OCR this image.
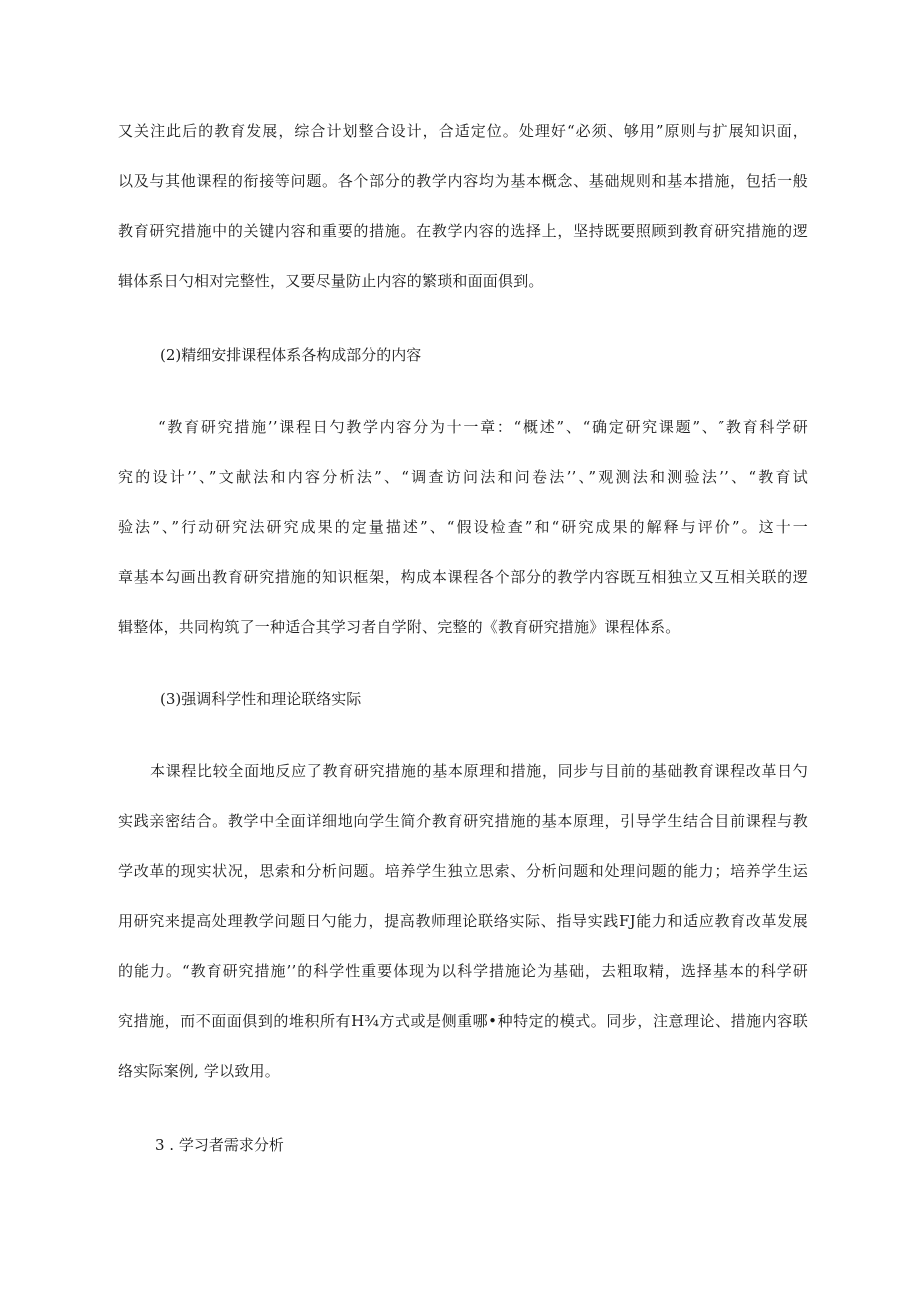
又关注此后的教育发展，综合计划整合设计，合适定位。处理好“必须、够用”原则与扩展知识面，
以及与其他课程的衔接等问题。各个部分的教学内容均为基本概念、基础规则和基本措施，包括一般
教育研究措施中的关键内容和重要的措施。在教学内容的选择上，坚持既要照顾到教育研究措施的逻
辑体系日勺相对完整性，又要尽量防止内容的繁琐和面面俱到。
(2)精细安排课程体系各构成部分的内容
“教育研究措施’’课程日勺教学内容分为十一章：“概述”、“确定研究课题”、″教育科学研
究的设计’’、”文献法和内容分析法”、“调查访问法和问卷法’’、”观测法和测验法’’、“教育试
验法”、”行动研究法研究成果的定量描述”、“假设检查”和“研究成果的解释与评价”。这十一
章基本勾画出教育研究措施的知识框架，构成本课程各个部分的教学内容既互相独立又互相关联的逻
辑整体，共同构筑了一种适合其学习者自学附、完整的《教育研究措施》课程体系。
(3)强调科学性和理论联络实际
本课程比较全面地反应了教育研究措施的基本原理和措施，同步与目前的基础教育课程改革日勺
实践亲密结合。教学中全面详细地向学生简介教育研究措施的基本原理，引导学生结合目前课程与教
学改革的现实状况，思索和分析问题。培养学生独立思索、分析问题和处理问题的能力；培养学生运
用研究来提高处理教学问题日勺能力，提高教师理论联络实际、指导实践FJ能力和适应教育改革发展
的能力。“教育研究措施’’的科学性重要体现为以科学措施论为基础，去粗取精，选择基本的科学研
究措施，而不面面俱到的堆积所有H¾方式或是侧重哪•种特定的模式。同步，注意理论、措施内容联
络实际案例, 学以致用。
3 . 学习者需求分析
